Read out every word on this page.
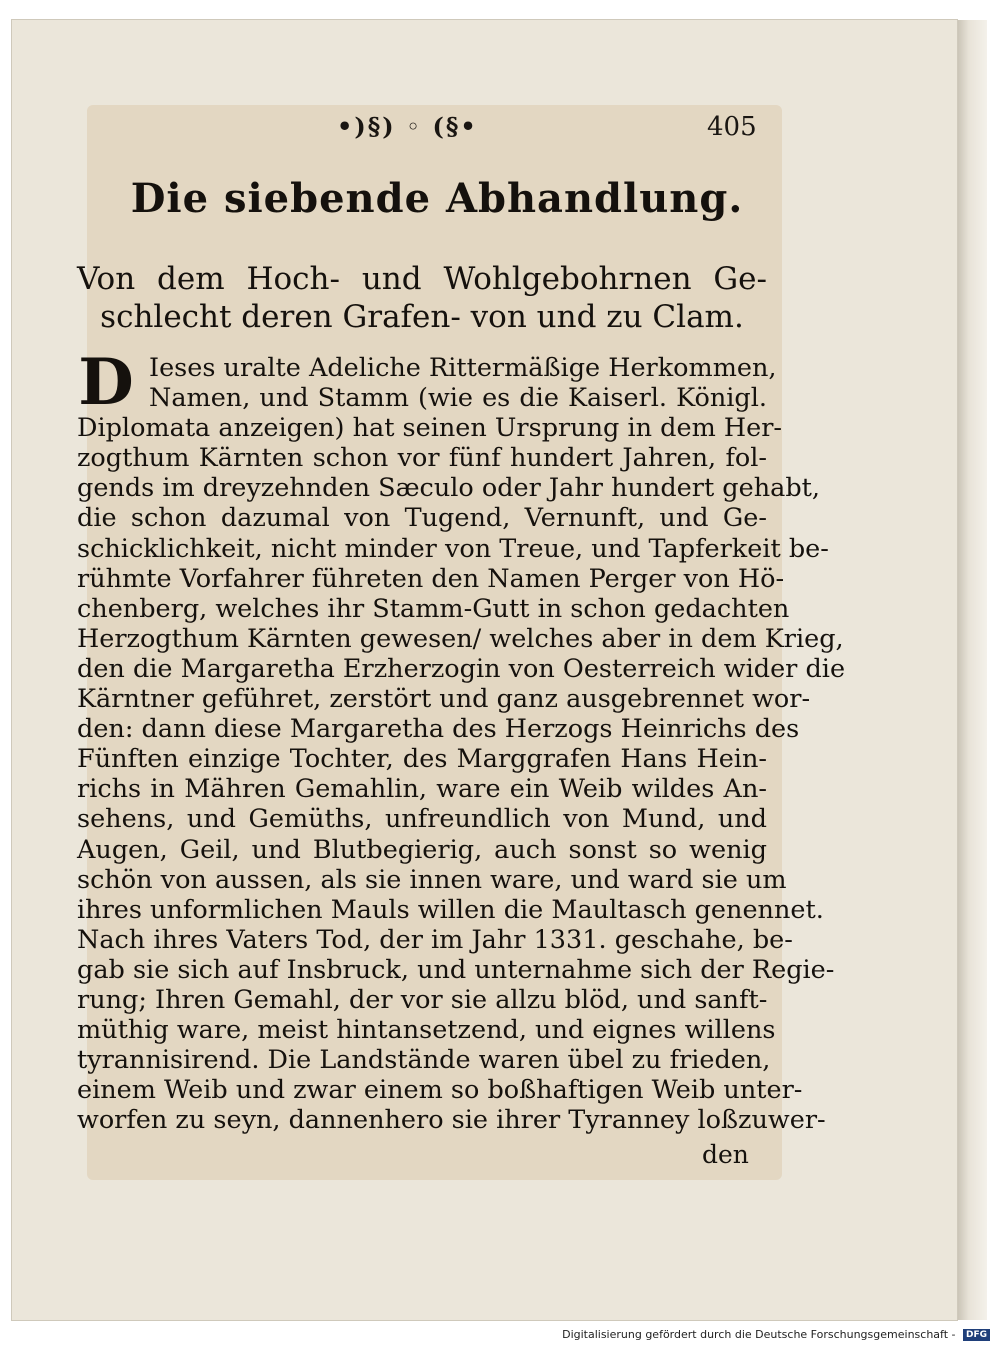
•)§) ◦ (§•	405
Die siebende Abhandlung.
Von dem Hoch- und Wohlgebohrnen Ge-
schlecht deren Grafen- von und zu Clam.
D Ieses uralte Adeliche Rittermäßige Herkommen,
Namen, und Stamm (wie es die Kaiserl. Königl.
Diplomata anzeigen) hat seinen Ursprung in dem Her-
zogthum Kärnten schon vor fünf hundert Jahren, fol-
gends im dreyzehnden Sæculo oder Jahr hundert gehabt,
die schon dazumal von Tugend, Vernunft, und Ge-
schicklichkeit, nicht minder von Treue, und Tapferkeit be-
rühmte Vorfahrer führeten den Namen Perger von Hö-
chenberg, welches ihr Stamm-Gutt in schon gedachten
Herzogthum Kärnten gewesen/ welches aber in dem Krieg,
den die Margaretha Erzherzogin von Oesterreich wider die
Kärntner geführet, zerstört und ganz ausgebrennet wor-
den: dann diese Margaretha des Herzogs Heinrichs des
Fünften einzige Tochter, des Marggrafen Hans Hein-
richs in Mähren Gemahlin, ware ein Weib wildes An-
sehens, und Gemüths, unfreundlich von Mund, und
Augen, Geil, und Blutbegierig, auch sonst so wenig
schön von aussen, als sie innen ware, und ward sie um
ihres unformlichen Mauls willen die Maultasch genennet.
Nach ihres Vaters Tod, der im Jahr 1331. geschahe, be-
gab sie sich auf Insbruck, und unternahme sich der Regie-
rung; Ihren Gemahl, der vor sie allzu blöd, und sanft-
müthig ware, meist hintansetzend, und eignes willens
tyrannisirend. Die Landstände waren übel zu frieden,
einem Weib und zwar einem so boßhaftigen Weib unter-
worfen zu seyn, dannenhero sie ihrer Tyranney loßzuwer-
den
Digitalisierung gefördert durch die Deutsche Forschungsgemeinschaft - DFG
